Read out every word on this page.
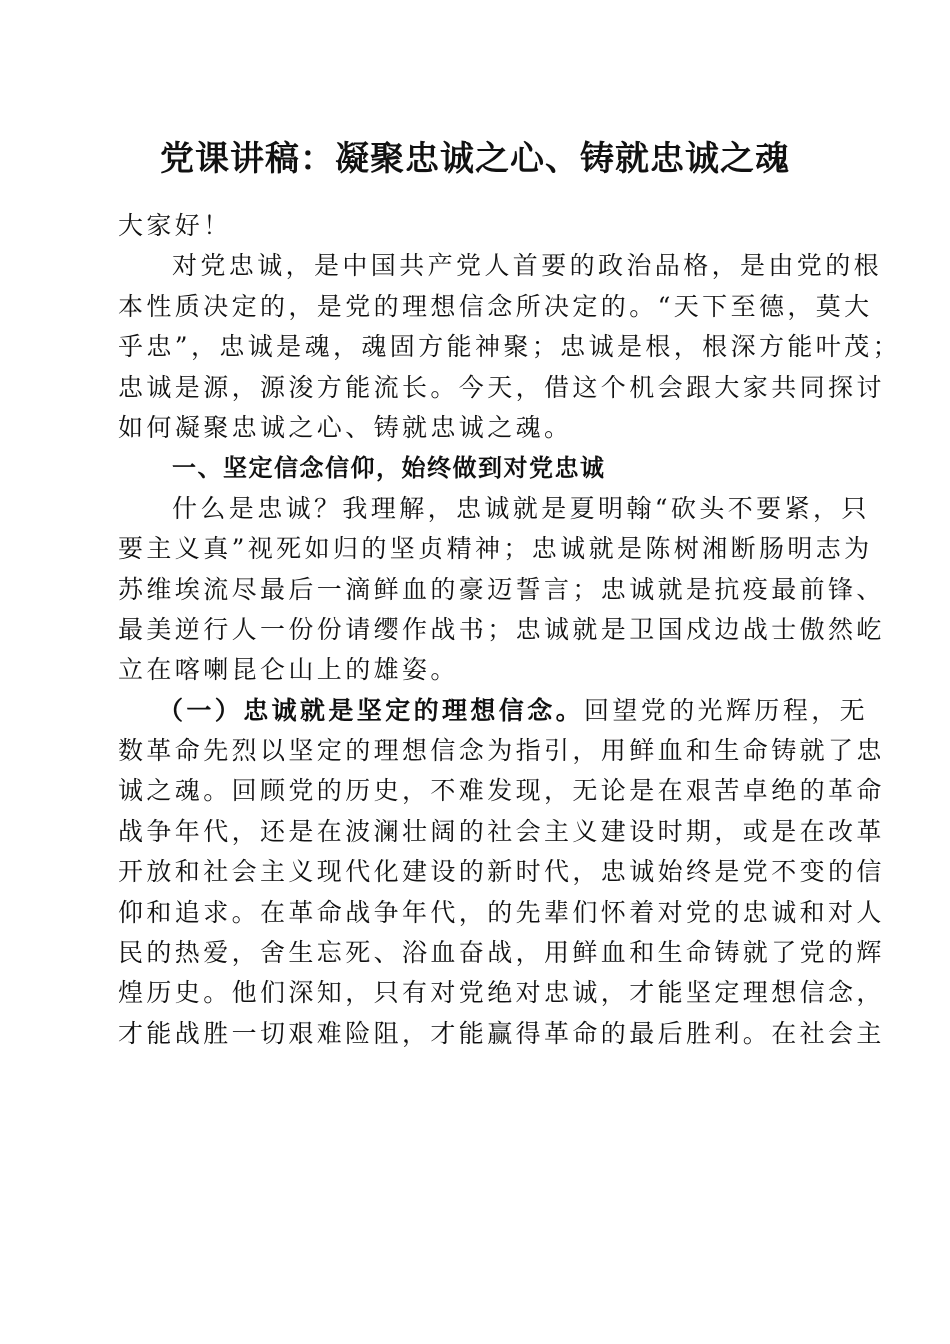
党课讲稿：凝聚忠诚之心、铸就忠诚之魂
大家好！
对党忠诚，是中国共产党人首要的政治品格，是由党的根
本性质决定的，是党的理想信念所决定的。“天下至德，莫大
乎忠”，忠诚是魂，魂固方能神聚；忠诚是根，根深方能叶茂；
忠诚是源，源浚方能流长。今天，借这个机会跟大家共同探讨
如何凝聚忠诚之心、铸就忠诚之魂。
一、坚定信念信仰，始终做到对党忠诚
什么是忠诚？我理解，忠诚就是夏明翰“砍头不要紧，只
要主义真”视死如归的坚贞精神；忠诚就是陈树湘断肠明志为
苏维埃流尽最后一滴鲜血的豪迈誓言；忠诚就是抗疫最前锋、
最美逆行人一份份请缨作战书；忠诚就是卫国戍边战士傲然屹
立在喀喇昆仑山上的雄姿。
（一）忠诚就是坚定的理想信念。回望党的光辉历程，无
数革命先烈以坚定的理想信念为指引，用鲜血和生命铸就了忠
诚之魂。回顾党的历史，不难发现，无论是在艰苦卓绝的革命
战争年代，还是在波澜壮阔的社会主义建设时期，或是在改革
开放和社会主义现代化建设的新时代，忠诚始终是党不变的信
仰和追求。在革命战争年代，的先辈们怀着对党的忠诚和对人
民的热爱，舍生忘死、浴血奋战，用鲜血和生命铸就了党的辉
煌历史。他们深知，只有对党绝对忠诚，才能坚定理想信念，
才能战胜一切艰难险阻，才能赢得革命的最后胜利。在社会主
